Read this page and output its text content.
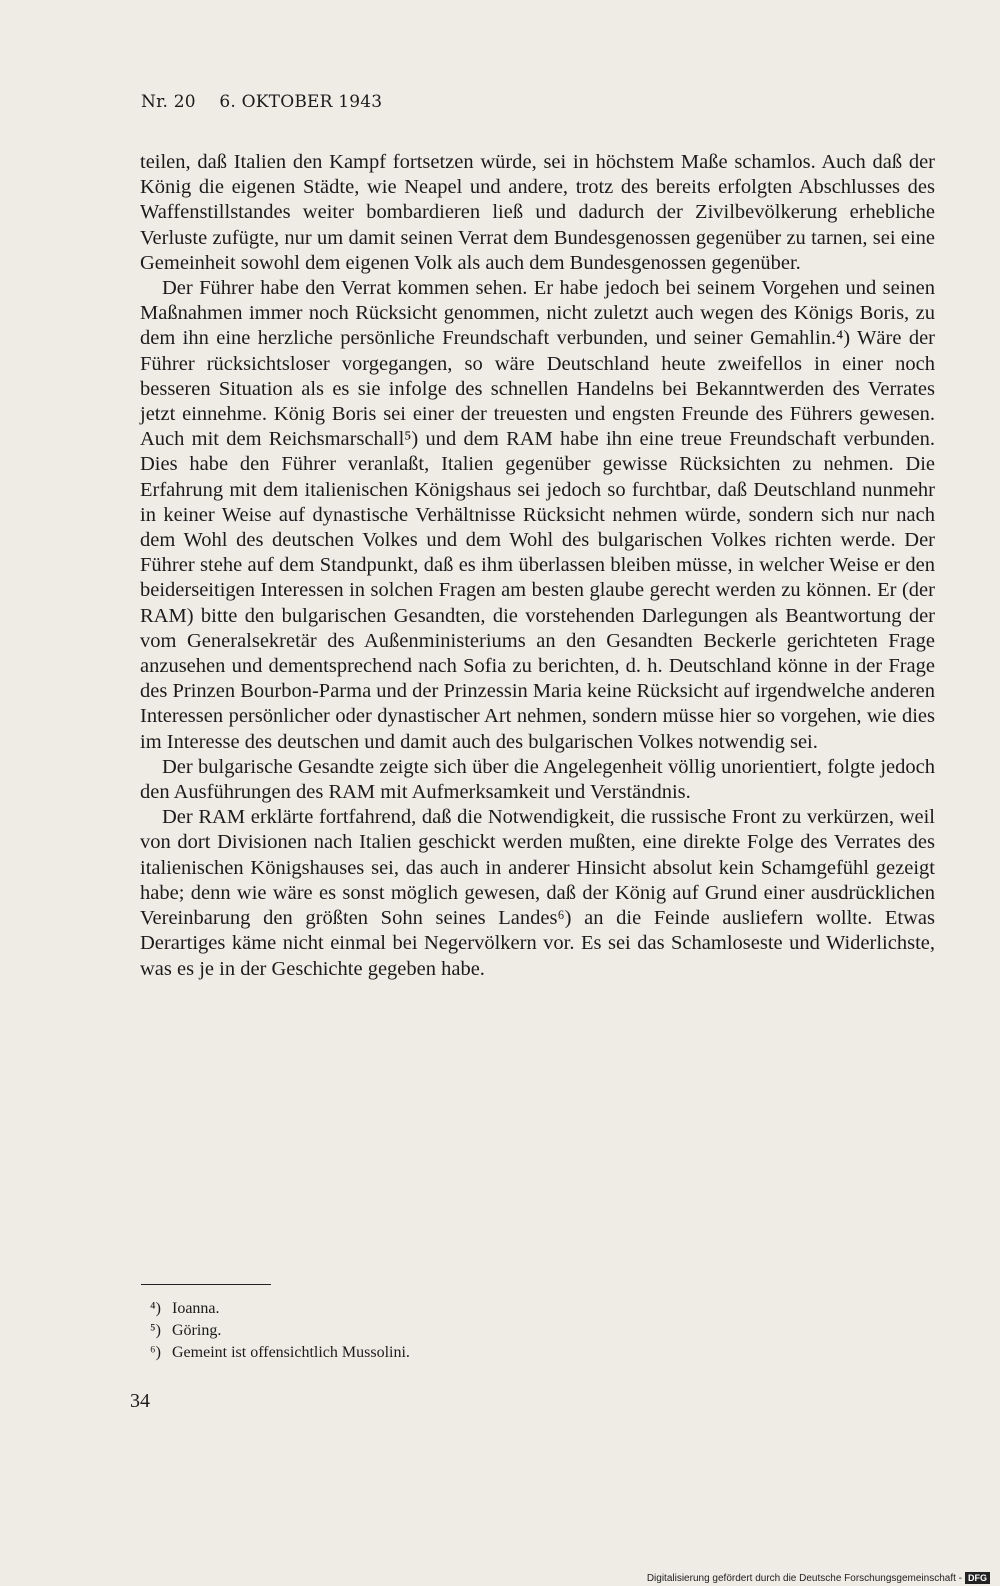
Nr. 20 6. OKTOBER 1943

teilen, daß Italien den Kampf fortsetzen würde, sei in höchstem Maße schamlos. Auch daß der König die eigenen Städte, wie Neapel und andere, trotz des bereits erfolgten Abschlusses des Waffenstillstandes weiter bombardieren ließ und dadurch der Zivilbevölkerung erhebliche Verluste zufügte, nur um damit seinen Verrat dem Bundesgenossen gegenüber zu tarnen, sei eine Gemeinheit sowohl dem eigenen Volk als auch dem Bundesgenossen gegenüber.

Der Führer habe den Verrat kommen sehen. Er habe jedoch bei seinem Vorgehen und seinen Maßnahmen immer noch Rücksicht genommen, nicht zuletzt auch wegen des Königs Boris, zu dem ihn eine herzliche persönliche Freundschaft verbunden, und seiner Gemahlin.⁴) Wäre der Führer rücksichtsloser vorgegangen, so wäre Deutschland heute zweifellos in einer noch besseren Situation als es sie infolge des schnellen Handelns bei Bekanntwerden des Verrates jetzt einnehme. König Boris sei einer der treuesten und engsten Freunde des Führers gewesen. Auch mit dem Reichsmarschall⁵) und dem RAM habe ihn eine treue Freundschaft verbunden. Dies habe den Führer veranlaßt, Italien gegenüber gewisse Rücksichten zu nehmen. Die Erfahrung mit dem italienischen Königshaus sei jedoch so furchtbar, daß Deutschland nunmehr in keiner Weise auf dynastische Verhältnisse Rücksicht nehmen würde, sondern sich nur nach dem Wohl des deutschen Volkes und dem Wohl des bulgarischen Volkes richten werde. Der Führer stehe auf dem Standpunkt, daß es ihm überlassen bleiben müsse, in welcher Weise er den beiderseitigen Interessen in solchen Fragen am besten glaube gerecht werden zu können. Er (der RAM) bitte den bulgarischen Gesandten, die vorstehenden Darlegungen als Beantwortung der vom Generalsekretär des Außenministeriums an den Gesandten Beckerle gerichteten Frage anzusehen und dementsprechend nach Sofia zu berichten, d. h. Deutschland könne in der Frage des Prinzen Bourbon-Parma und der Prinzessin Maria keine Rücksicht auf irgendwelche anderen Interessen persönlicher oder dynastischer Art nehmen, sondern müsse hier so vorgehen, wie dies im Interesse des deutschen und damit auch des bulgarischen Volkes notwendig sei.

Der bulgarische Gesandte zeigte sich über die Angelegenheit völlig unorientiert, folgte jedoch den Ausführungen des RAM mit Aufmerksamkeit und Verständnis.

Der RAM erklärte fortfahrend, daß die Notwendigkeit, die russische Front zu verkürzen, weil von dort Divisionen nach Italien geschickt werden mußten, eine direkte Folge des Verrates des italienischen Königshauses sei, das auch in anderer Hinsicht absolut kein Schamgefühl gezeigt habe; denn wie wäre es sonst möglich gewesen, daß der König auf Grund einer ausdrücklichen Vereinbarung den größten Sohn seines Landes⁶) an die Feinde ausliefern wollte. Etwas Derartiges käme nicht einmal bei Negervölkern vor. Es sei das Schamloseste und Widerlichste, was es je in der Geschichte gegeben habe.

⁴) Ioanna.
⁵) Göring.
⁶) Gemeint ist offensichtlich Mussolini.
34
Digitalisierung gefördert durch die Deutsche Forschungsgemeinschaft - DFG
